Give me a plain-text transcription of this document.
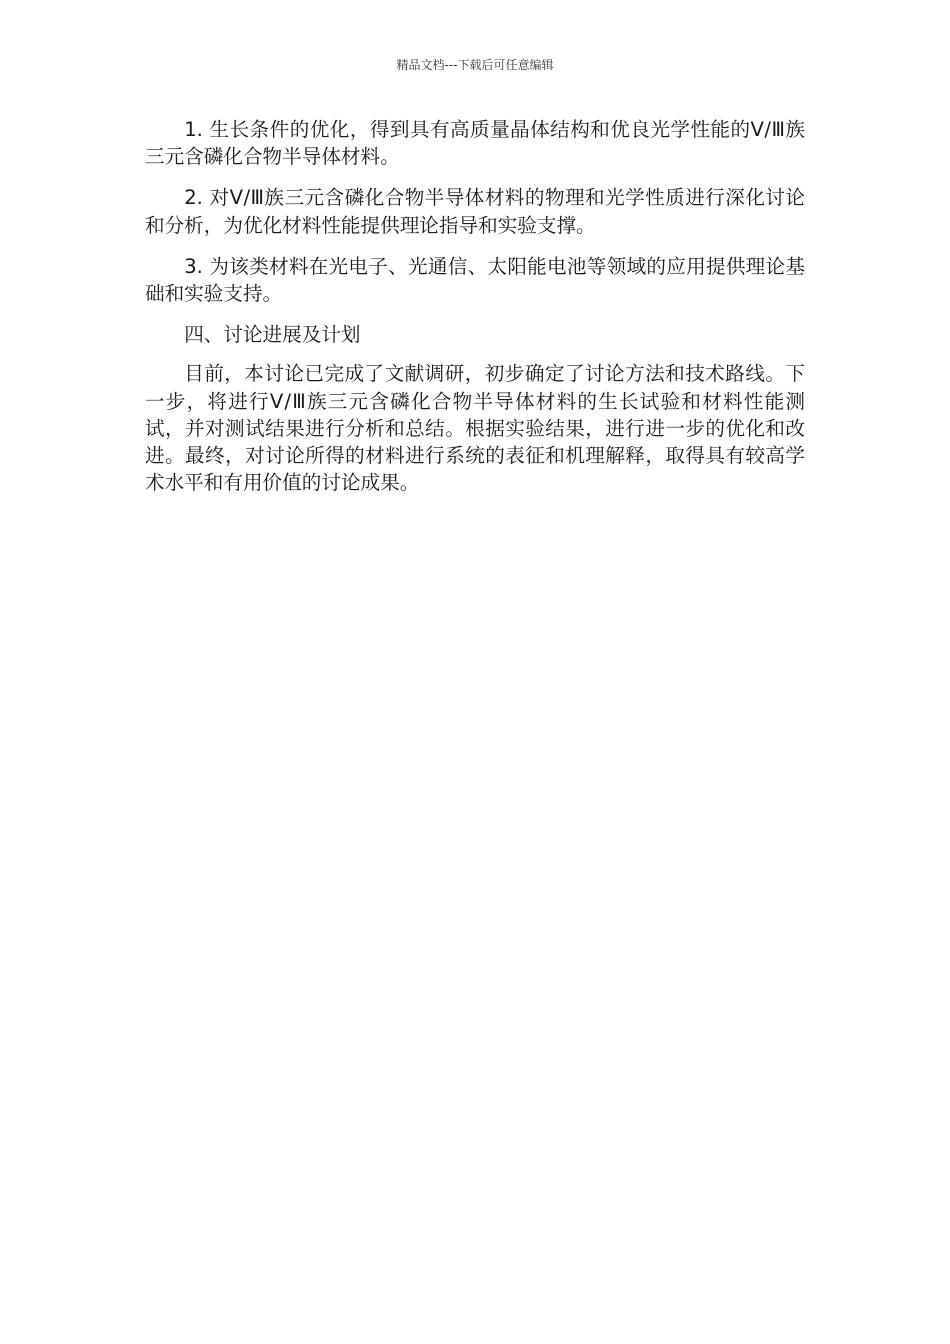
精品文档---下载后可任意编辑

1. 生长条件的优化，得到具有高质量晶体结构和优良光学性能的Ⅴ/Ⅲ族三元含磷化合物半导体材料。

2. 对Ⅴ/Ⅲ族三元含磷化合物半导体材料的物理和光学性质进行深化讨论和分析，为优化材料性能提供理论指导和实验支撑。

3. 为该类材料在光电子、光通信、太阳能电池等领域的应用提供理论基础和实验支持。

四、讨论进展及计划

目前，本讨论已完成了文献调研，初步确定了讨论方法和技术路线。下一步，将进行Ⅴ/Ⅲ族三元含磷化合物半导体材料的生长试验和材料性能测试，并对测试结果进行分析和总结。根据实验结果，进行进一步的优化和改进。最终，对讨论所得的材料进行系统的表征和机理解释，取得具有较高学术水平和有用价值的讨论成果。
